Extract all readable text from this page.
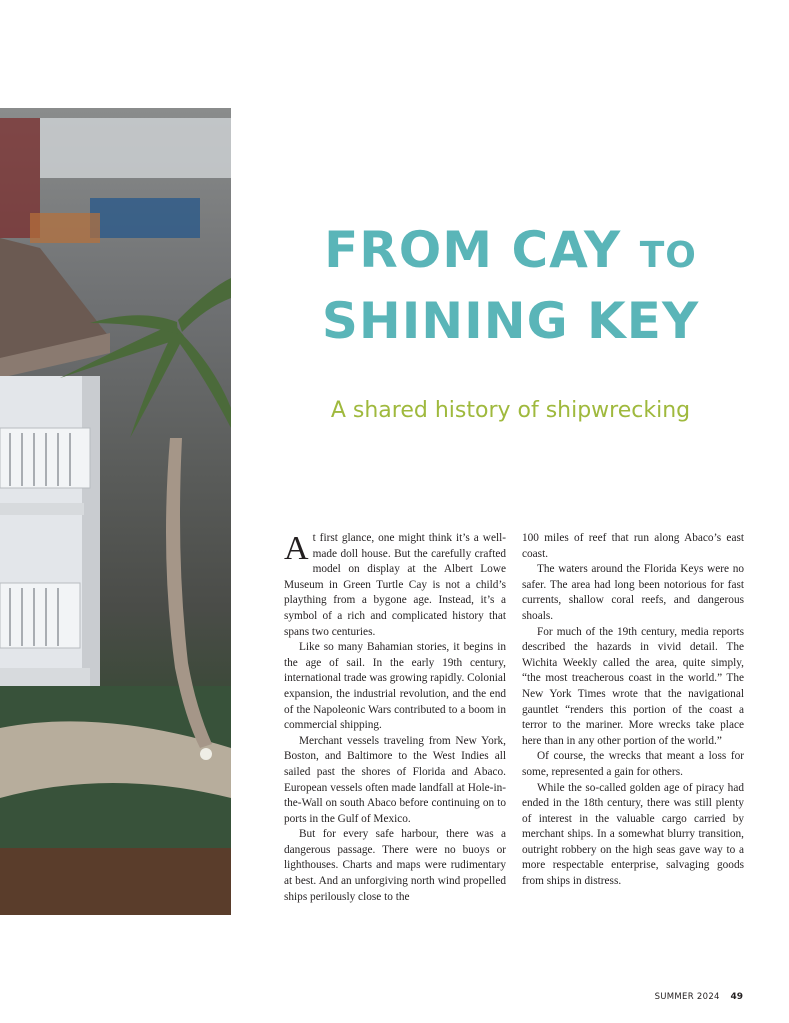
FROM CAY TO

SHINING KEY

A shared history of shipwrecking

At first glance, one might think it’s a well-made doll house. But the carefully crafted model on display at the Albert Lowe Museum in Green Turtle Cay is not a child’s plaything from a bygone age. Instead, it’s a symbol of a rich and complicated history that spans two centuries.

Like so many Bahamian stories, it begins in the age of sail. In the early 19th century, international trade was growing rapidly. Colonial expansion, the industrial revolution, and the end of the Napoleonic Wars contributed to a boom in commercial shipping.

Merchant vessels traveling from New York, Boston, and Baltimore to the West Indies all sailed past the shores of Florida and Abaco. European vessels often made landfall at Hole-in-the-Wall on south Abaco before continuing on to ports in the Gulf of Mexico.

But for every safe harbour, there was a dangerous passage. There were no buoys or lighthouses. Charts and maps were rudimentary at best. And an unforgiving north wind propelled ships perilously close to the

100 miles of reef that run along Abaco’s east coast.

The waters around the Florida Keys were no safer. The area had long been notorious for fast currents, shallow coral reefs, and dangerous shoals.

For much of the 19th century, media reports described the hazards in vivid detail. The Wichita Weekly called the area, quite simply, “the most treacherous coast in the world.” The New York Times wrote that the navigational gauntlet “renders this portion of the coast a terror to the mariner. More wrecks take place here than in any other portion of the world.”

Of course, the wrecks that meant a loss for some, represented a gain for others.

While the so-called golden age of piracy had ended in the 18th century, there was still plenty of interest in the valuable cargo carried by merchant ships. In a somewhat blurry transition, outright robbery on the high seas gave way to a more respectable enterprise, salvaging goods from ships in distress.

SUMMER 2024 49
